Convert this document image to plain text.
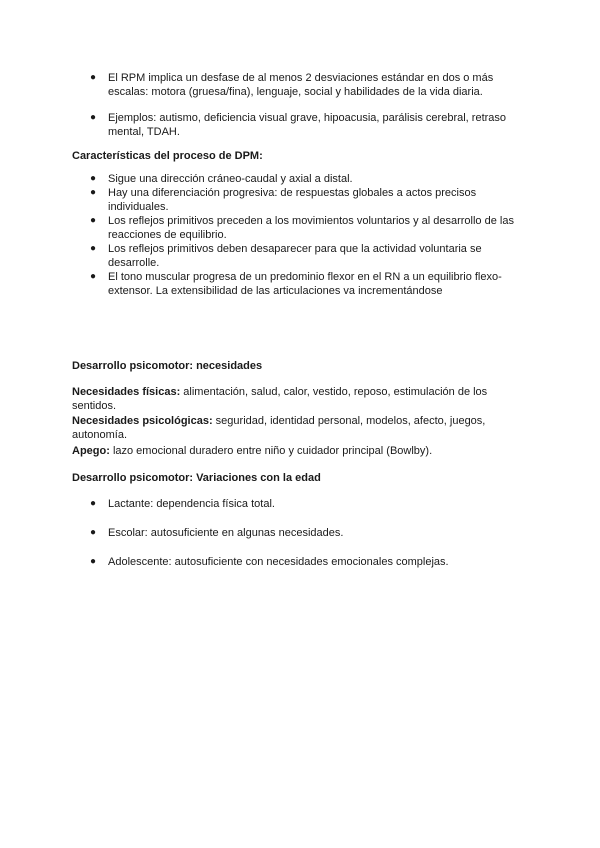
● El RPM implica un desfase de al menos 2 desviaciones estándar en dos o más escalas: motora (gruesa/fina), lenguaje, social y habilidades de la vida diaria.
● Ejemplos: autismo, deficiencia visual grave, hipoacusia, parálisis cerebral, retraso mental, TDAH.
Características del proceso de DPM:
● Sigue una dirección cráneo-caudal y axial a distal.
● Hay una diferenciación progresiva: de respuestas globales a actos precisos individuales.
● Los reflejos primitivos preceden a los movimientos voluntarios y al desarrollo de las reacciones de equilibrio.
● Los reflejos primitivos deben desaparecer para que la actividad voluntaria se desarrolle.
● El tono muscular progresa de un predominio flexor en el RN a un equilibrio flexo-extensor. La extensibilidad de las articulaciones va incrementándose
Desarrollo psicomotor: necesidades
Necesidades físicas: alimentación, salud, calor, vestido, reposo, estimulación de los sentidos.
Necesidades psicológicas: seguridad, identidad personal, modelos, afecto, juegos, autonomía.
Apego: lazo emocional duradero entre niño y cuidador principal (Bowlby).
Desarrollo psicomotor: Variaciones con la edad
● Lactante: dependencia física total.
● Escolar: autosuficiente en algunas necesidades.
● Adolescente: autosuficiente con necesidades emocionales complejas.
